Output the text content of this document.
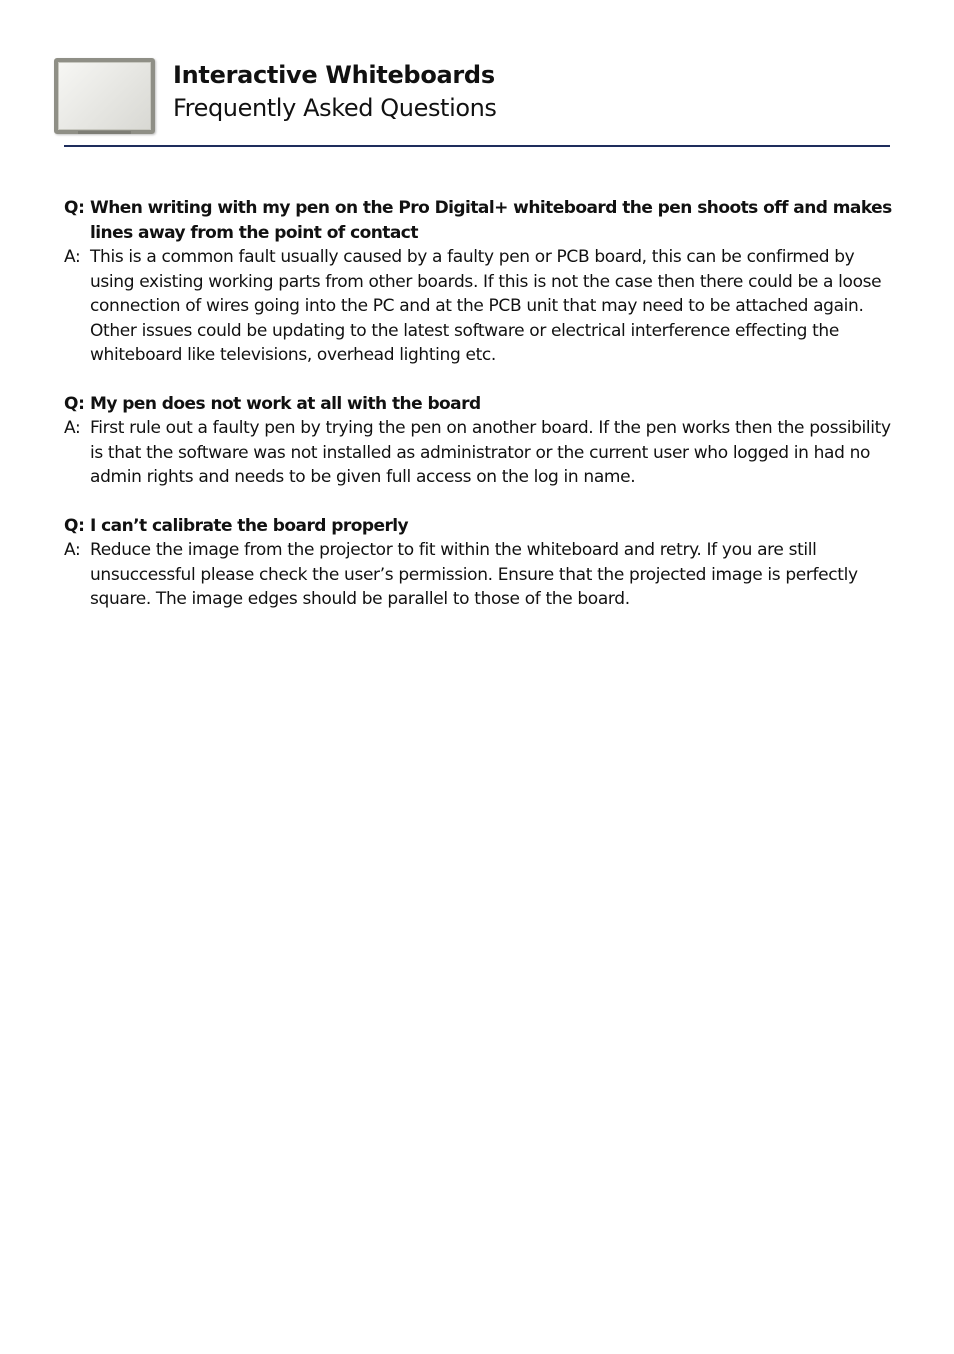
Interactive Whiteboards
Frequently Asked Questions
Q: When writing with my pen on the Pro Digital+ whiteboard the pen shoots off and makes lines away from the point of contact
A: This is a common fault usually caused by a faulty pen or PCB board, this can be confirmed by using existing working parts from other boards. If this is not the case then there could be a loose connection of wires going into the PC and at the PCB unit that may need to be attached again. Other issues could be updating to the latest software or electrical interference effecting the whiteboard like televisions, overhead lighting etc.
Q: My pen does not work at all with the board
A: First rule out a faulty pen by trying the pen on another board. If the pen works then the possibility is that the software was not installed as administrator or the current user who logged in had no admin rights and needs to be given full access on the log in name.
Q: I can’t calibrate the board properly
A: Reduce the image from the projector to fit within the whiteboard and retry. If you are still unsuccessful please check the user’s permission. Ensure that the projected image is perfectly square. The image edges should be parallel to those of the board.
